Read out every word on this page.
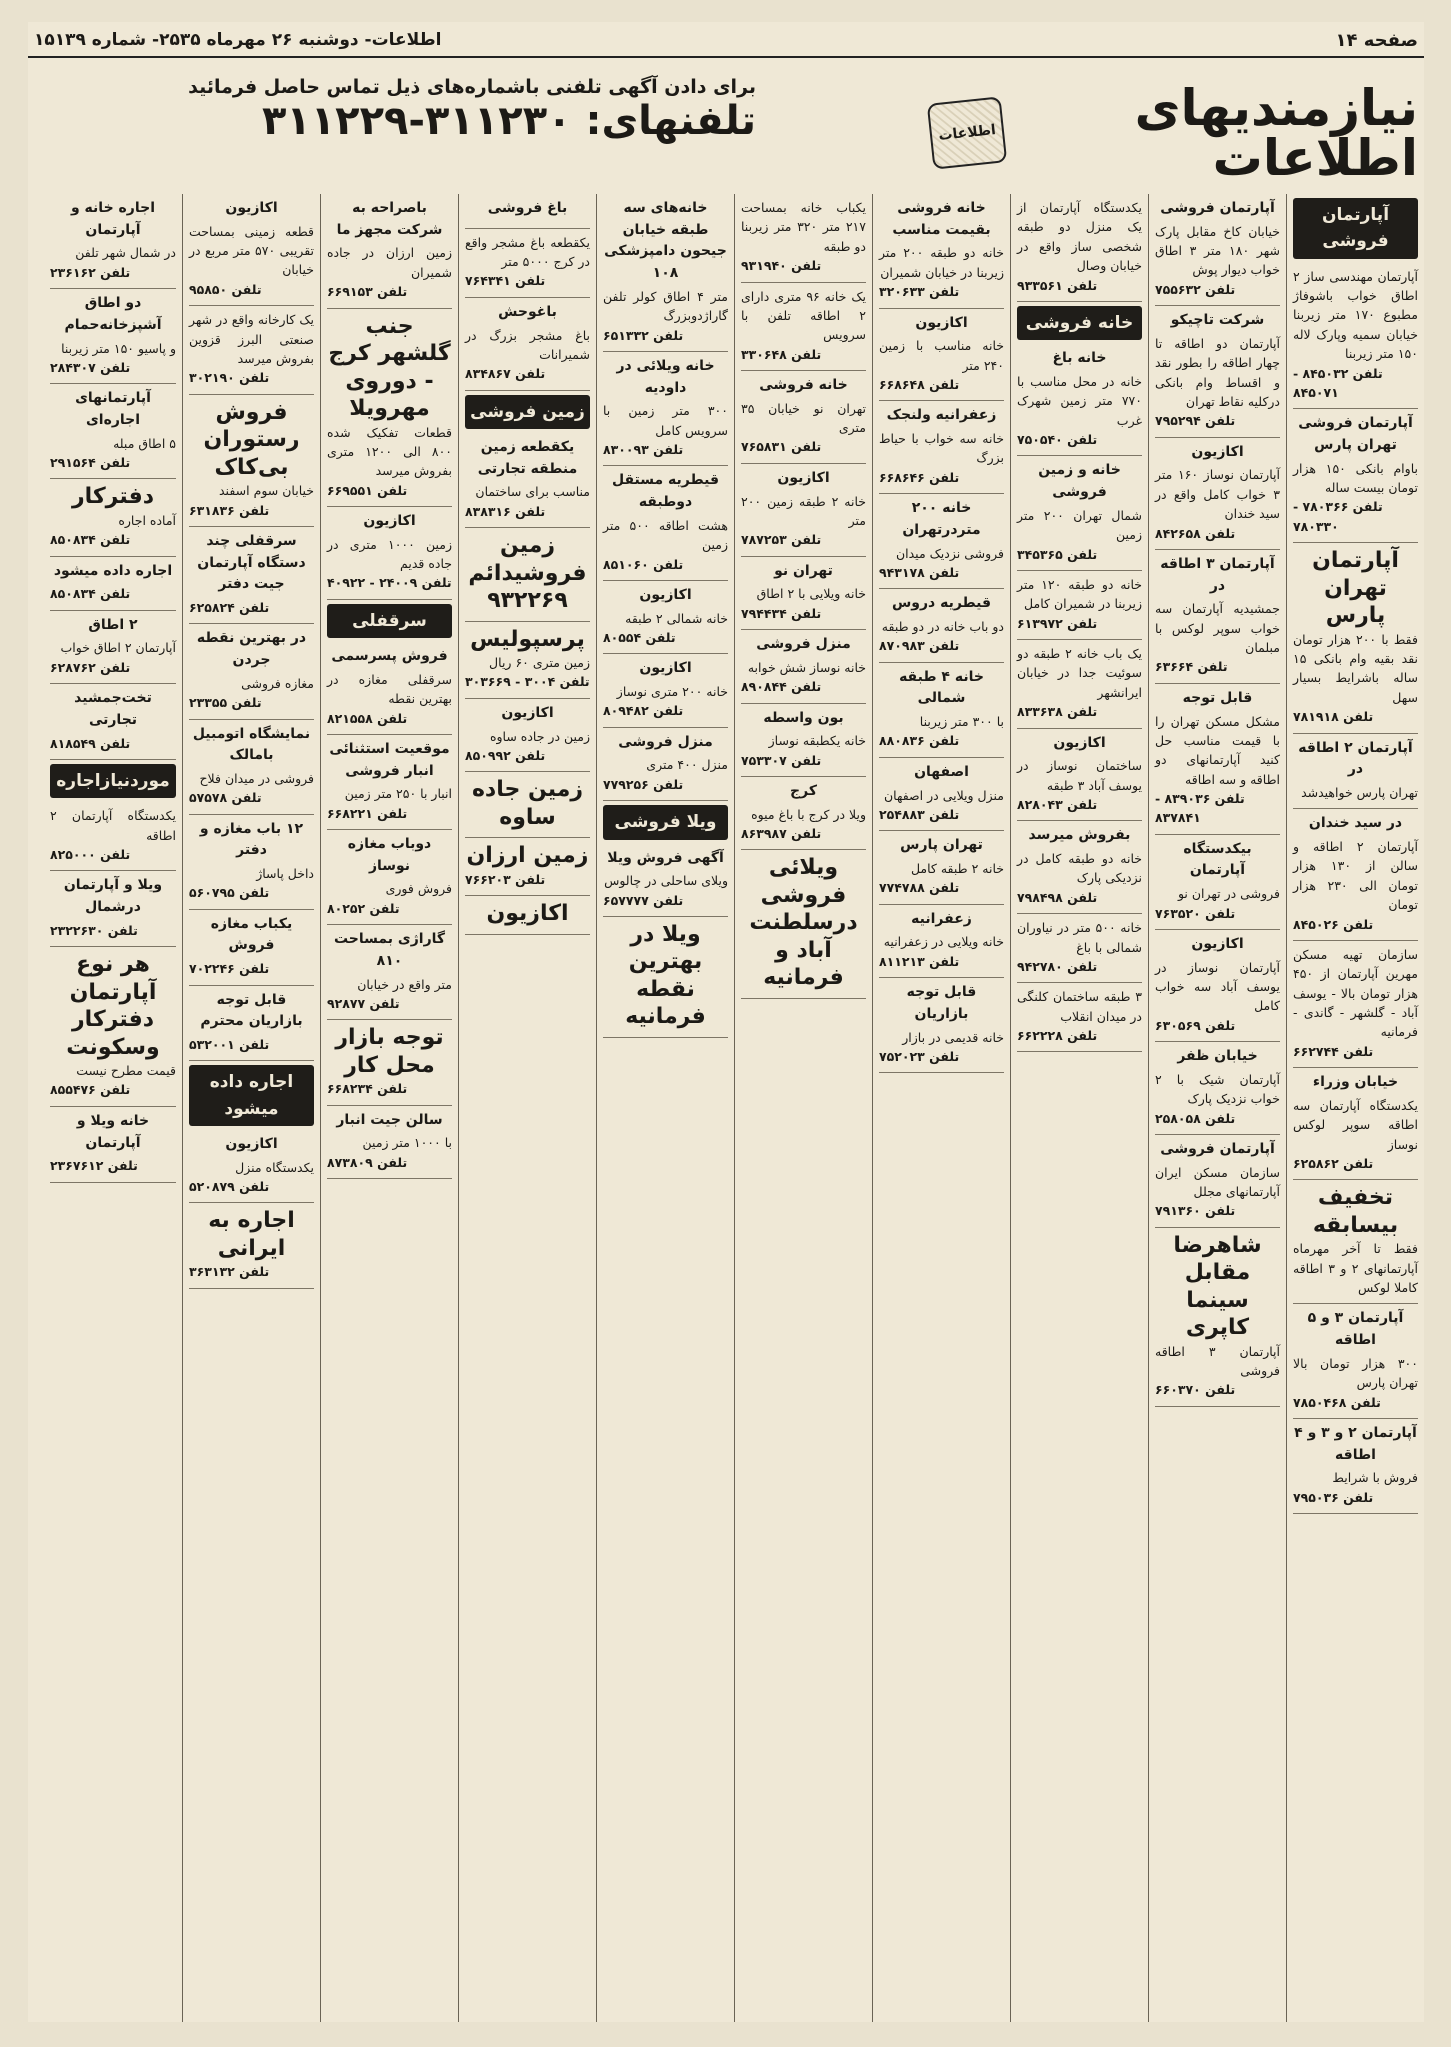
صفحه ۱۴
اطلاعات- دوشنبه ۲۶ مهرماه ۲۵۳۵- شماره ۱۵۱۳۹
نیازمندیهای اطلاعات
اطلاعات
برای دادن آگهی تلفنی باشماره‌های ذیل تماس حاصل فرمائید
تلفنهای: ۳۱۱۲۳۰-۳۱۱۲۲۹
آپارتمان فروشی
آپارتمان مهندسی ساز ۲ اطاق خواب باشوفاژ مطبوع ۱۷۰ متر زیربنا خیابان سمیه وپارک لاله ۱۵۰ متر زیربنا
تلفن ۸۴۵۰۳۲ - ۸۴۵۰۷۱
آپارتمان فروشی تهران پارس
باوام بانکی ۱۵۰ هزار تومان بیست ساله
تلفن ۷۸۰۳۶۶ - ۷۸۰۳۳۰
آپارتمان تهران پارس
فقط با ۲۰۰ هزار تومان نقد بقیه وام بانکی ۱۵ ساله باشرایط بسیار سهل
تلفن ۷۸۱۹۱۸
آپارتمان ۲ اطاقه در
تهران پارس خواهیدشد
در سید خندان
آپارتمان ۲ اطاقه و سالن از ۱۳۰ هزار تومان الی ۲۳۰ هزار تومان
تلفن ۸۴۵۰۲۶
سازمان تهیه مسکن مهرین آپارتمان از ۴۵۰ هزار تومان بالا - یوسف آباد - گلشهر - گاندی - فرمانیه
تلفن ۶۶۲۷۴۴
خیابان وزراء
یکدستگاه آپارتمان سه اطاقه سوپر لوکس نوساز
تلفن ۶۲۵۸۶۲
تخفیف بیسابقه
فقط تا آخر مهرماه آپارتمانهای ۲ و ۳ اطاقه کاملا لوکس
آپارتمان ۳ و ۵ اطاقه
۳۰۰ هزار تومان بالا تهران پارس
تلفن ۷۸۵۰۴۶۸
آپارتمان ۲ و ۳ و ۴ اطاقه
فروش با شرایط
تلفن ۷۹۵۰۳۶
آپارتمان فروشی
خیابان کاخ مقابل پارک شهر ۱۸۰ متر ۳ اطاق خواب دیوار پوش
تلفن ۷۵۵۶۳۲
شرکت تاچیکو
آپارتمان دو اطاقه تا چهار اطاقه را بطور نقد و اقساط وام بانکی درکلیه نقاط تهران
تلفن ۷۹۵۲۹۴
اکازیون
آپارتمان نوساز ۱۶۰ متر ۳ خواب کامل واقع در سید خندان
تلفن ۸۴۲۶۵۸
آپارتمان ۳ اطاقه در
جمشیدیه آپارتمان سه خواب سوپر لوکس با مبلمان
تلفن ۶۳۶۶۴
قابل توجه
مشکل مسکن تهران را با قیمت مناسب حل کنید آپارتمانهای دو اطاقه و سه اطاقه
تلفن ۸۳۹۰۳۶ - ۸۳۷۸۴۱
بیکدستگاه آپارتمان
فروشی در تهران نو
تلفن ۷۶۳۵۲۰
اکازیون
آپارتمان نوساز در یوسف آباد سه خواب کامل
تلفن ۶۳۰۵۶۹
خیابان ظفر
آپارتمان شیک با ۲ خواب نزدیک پارک
تلفن ۲۵۸۰۵۸
آپارتمان فروشی
سازمان مسکن ایران آپارتمانهای مجلل
تلفن ۷۹۱۳۶۰
شاهرضا مقابل سینما کاپری
آپارتمان ۳ اطاقه فروشی
تلفن ۶۶۰۳۷۰
یکدستگاه آپارتمان از یک منزل دو طبقه شخصی ساز واقع در خیابان وصال
تلفن ۹۳۳۵۶۱
خانه فروشی
خانه باغ
خانه در محل مناسب با ۷۷۰ متر زمین شهرک غرب
تلفن ۷۵۰۵۴۰
خانه و زمین فروشی
شمال تهران ۲۰۰ متر زمین
تلفن ۳۴۵۳۶۵
خانه دو طبقه ۱۲۰ متر زیربنا در شمیران کامل
تلفن ۶۱۳۹۷۲
یک باب خانه ۲ طبقه دو سوئیت جدا در خیابان ایرانشهر
تلفن ۸۳۳۶۳۸
اکازیون
ساختمان نوساز در یوسف آباد ۳ طبقه
تلفن ۸۲۸۰۴۳
بفروش میرسد
خانه دو طبقه کامل در نزدیکی پارک
تلفن ۷۹۸۴۹۸
خانه ۵۰۰ متر در نیاوران شمالی با باغ
تلفن ۹۴۲۷۸۰
۳ طبقه ساختمان کلنگی در میدان انقلاب
تلفن ۶۶۲۲۲۸
خانه فروشی بقیمت مناسب
خانه دو طبقه ۲۰۰ متر زیربنا در خیابان شمیران
تلفن ۳۲۰۶۳۳
اکازیون
خانه مناسب با زمین ۲۴۰ متر
تلفن ۶۶۸۶۴۸
زعفرانیه ولنجک
خانه سه خواب با حیاط بزرگ
تلفن ۶۶۸۶۴۶
خانه ۲۰۰ متردرتهران
فروشی نزدیک میدان
تلفن ۹۴۳۱۷۸
قیطریه دروس
دو باب خانه در دو طبقه
تلفن ۸۷۰۹۸۳
خانه ۴ طبقه شمالی
با ۳۰۰ متر زیربنا
تلفن ۸۸۰۸۳۶
اصفهان
منزل ویلایی در اصفهان
تلفن ۲۵۴۸۸۳
تهران پارس
خانه ۲ طبقه کامل
تلفن ۷۷۴۷۸۸
زعفرانیه
خانه ویلایی در زعفرانیه
تلفن ۸۱۱۲۱۳
قابل توجه بازاریان
خانه قدیمی در بازار
تلفن ۷۵۲۰۲۳
یکباب خانه بمساحت ۲۱۷ متر ۳۲۰ متر زیربنا دو طبقه
تلفن ۹۳۱۹۴۰
یک خانه ۹۶ متری دارای ۲ اطاقه تلفن با سرویس
تلفن ۳۳۰۶۴۸
خانه فروشی
تهران نو خیابان ۳۵ متری
تلفن ۷۶۵۸۳۱
اکازیون
خانه ۲ طبقه زمین ۲۰۰ متر
تلفن ۷۸۷۲۵۳
تهران نو
خانه ویلایی با ۲ اطاق
تلفن ۷۹۴۴۳۴
منزل فروشی
خانه نوساز شش خوابه
تلفن ۸۹۰۸۴۴
بون واسطه
خانه یکطبقه نوساز
تلفن ۷۵۳۳۰۷
کرج
ویلا در کرج با باغ میوه
تلفن ۸۶۳۹۸۷
ویلائی فروشی درسلطنت آباد و فرمانیه
خانه‌های سه طبقه خیابان جیحون دامپزشکی ۱۰۸
متر ۴ اطاق کولر تلفن گاراژدوبزرگ
تلفن ۶۵۱۳۳۲
خانه ویلائی در داودیه
۳۰۰ متر زمین با سرویس کامل
تلفن ۸۳۰۰۹۳
قیطریه مستقل دوطبقه
هشت اطاقه ۵۰۰ متر زمین
تلفن ۸۵۱۰۶۰
اکازیون
خانه شمالی ۲ طبقه
تلفن ۸۰۵۵۴
اکازیون
خانه ۲۰۰ متری نوساز
تلفن ۸۰۹۴۸۲
منزل فروشی
منزل ۴۰۰ متری
تلفن ۷۷۹۲۵۶
ویلا فروشی
آگهی فروش ویلا
ویلای ساحلی در چالوس
تلفن ۶۵۷۷۷۷
ویلا در بهترین نقطه فرمانیه
باغ فروشی
یکقطعه باغ مشجر واقع در کرج ۵۰۰۰ متر
تلفن ۷۶۴۳۴۱
باغوحش
باغ مشجر بزرگ در شمیرانات
تلفن ۸۳۴۸۶۷
زمین فروشی
یکقطعه زمین منطقه تجارتی
مناسب برای ساختمان
تلفن ۸۳۸۳۱۶
زمین فروشیدائم ۹۳۲۲۶۹
پرسپولیس
زمین متری ۶۰ ریال
تلفن ۳۰۰۴ - ۳۰۳۶۶۹
اکازیون
زمین در جاده ساوه
تلفن ۸۵۰۹۹۲
زمین جاده ساوه
زمین ارزان
تلفن ۷۶۶۲۰۳
اکازیون
باصراحه به شرکت مجهز ما
زمین ارزان در جاده شمیران
تلفن ۶۶۹۱۵۳
جنب گلشهر کرج - دوروی مهرویلا
قطعات تفکیک شده ۸۰۰ الی ۱۲۰۰ متری بفروش میرسد
تلفن ۶۶۹۵۵۱
اکازیون
زمین ۱۰۰۰ متری در جاده قدیم
تلفن ۲۴۰۰۹ - ۴۰۹۲۲
سرقفلی
فروش پسرسمی
سرقفلی مغازه در بهترین نقطه
تلفن ۸۲۱۵۵۸
موقعیت استثنائی انبار فروشی
انبار با ۲۵۰ متر زمین
تلفن ۶۶۸۲۲۱
دوباب مغازه نوساز
فروش فوری
تلفن ۸۰۲۵۲
گاراژی بمساحت ۸۱۰
متر واقع در خیابان
تلفن ۹۲۸۷۷
توجه بازار محل کار
تلفن ۶۶۸۲۳۴
سالن جیت انبار
با ۱۰۰۰ متر زمین
تلفن ۸۷۳۸۰۹
اکازیون
قطعه زمینی بمساحت تقریبی ۵۷۰ متر مربع در خیابان
تلفن ۹۵۸۵۰
یک کارخانه واقع در شهر صنعتی البرز قزوین بفروش میرسد
تلفن ۳۰۲۱۹۰
فروش رستوران بی‌کاک
خیابان سوم اسفند
تلفن ۶۳۱۸۳۶
سرقفلی چند دستگاه آپارتمان جیت دفتر
تلفن ۶۲۵۸۲۴
در بهترین نقطه جردن
مغازه فروشی
تلفن ۲۳۳۵۵
نمایشگاه اتومبیل بامالک
فروشی در میدان فلاح
تلفن ۵۷۵۷۸
۱۲ باب مغازه و دفتر
داخل پاساژ
تلفن ۵۶۰۷۹۵
یکباب مغازه فروش
تلفن ۷۰۲۲۴۶
قابل توجه بازاریان محترم
تلفن ۵۳۲۰۰۱
اجاره داده میشود
اکازیون
یکدستگاه منزل
تلفن ۵۲۰۸۷۹
اجاره به ایرانی
تلفن ۳۶۳۱۳۲
اجاره خانه و آپارتمان
در شمال شهر تلفن
تلفن ۲۳۶۱۶۲
دو اطاق آشپزخانه‌حمام
و پاسیو ۱۵۰ متر زیربنا
تلفن ۲۸۴۳۰۷
آپارتمانهای اجاره‌ای
۵ اطاق مبله
تلفن ۲۹۱۵۶۴
دفترکار
آماده اجاره
تلفن ۸۵۰۸۳۴
اجاره داده میشود
تلفن ۸۵۰۸۳۴
۲ اطاق
آپارتمان ۲ اطاق خواب
تلفن ۶۲۸۷۶۲
تخت‌جمشید تجارتی
تلفن ۸۱۸۵۴۹
موردنیازاجاره
یکدستگاه آپارتمان ۲ اطاقه
تلفن ۸۲۵۰۰۰
ویلا و آپارتمان درشمال
تلفن ۲۳۲۲۶۳۰
هر نوع آپارتمان دفترکار وسکونت
قیمت مطرح نیست
تلفن ۸۵۵۴۷۶
خانه ویلا و آپارتمان
تلفن ۲۳۶۷۶۱۲
